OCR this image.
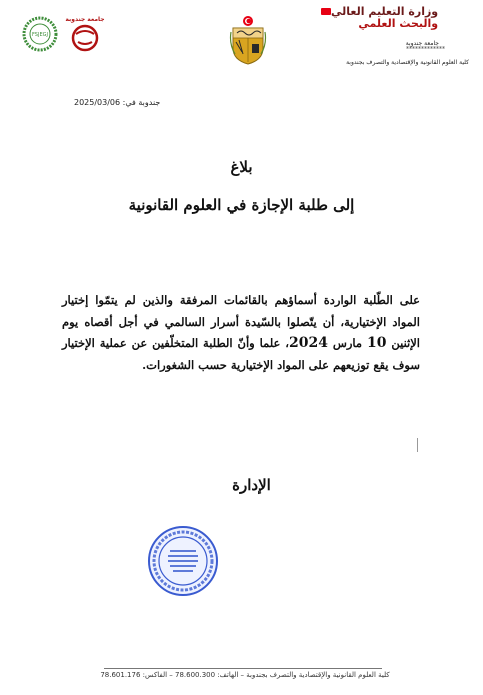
وزارة التعليم العالي
والبحث العلمي
جامعة جندوبة
*************
كلية العلوم القانونية والإقتصادية والتصرف بجندوبة
FSJEGJ
جامعة جندوبة
جندوبة في: 2025/03/06
بلاغ
إلى طلبة الإجازة في العلوم القانونية
على الطّلبة الواردة أسماؤهم بالقائمات المرفقة والذين لم يتمّوا إختيار المواد الإختيارية، أن يتّصلوا بالسّيدة أسرار السالمي في أجل أقصاه يوم الإثنين 10 مارس 2024، علما وأنّ الطلبة المتخلّفين عن عملية الإختيار سوف يقع توزيعهم على المواد الإختيارية حسب الشغورات.
الإدارة
كلية العلوم القانونية والإقتصادية والتصرف بجندوبة – الهاتف: 78.600.300 – الفاكس: 78.601.176
